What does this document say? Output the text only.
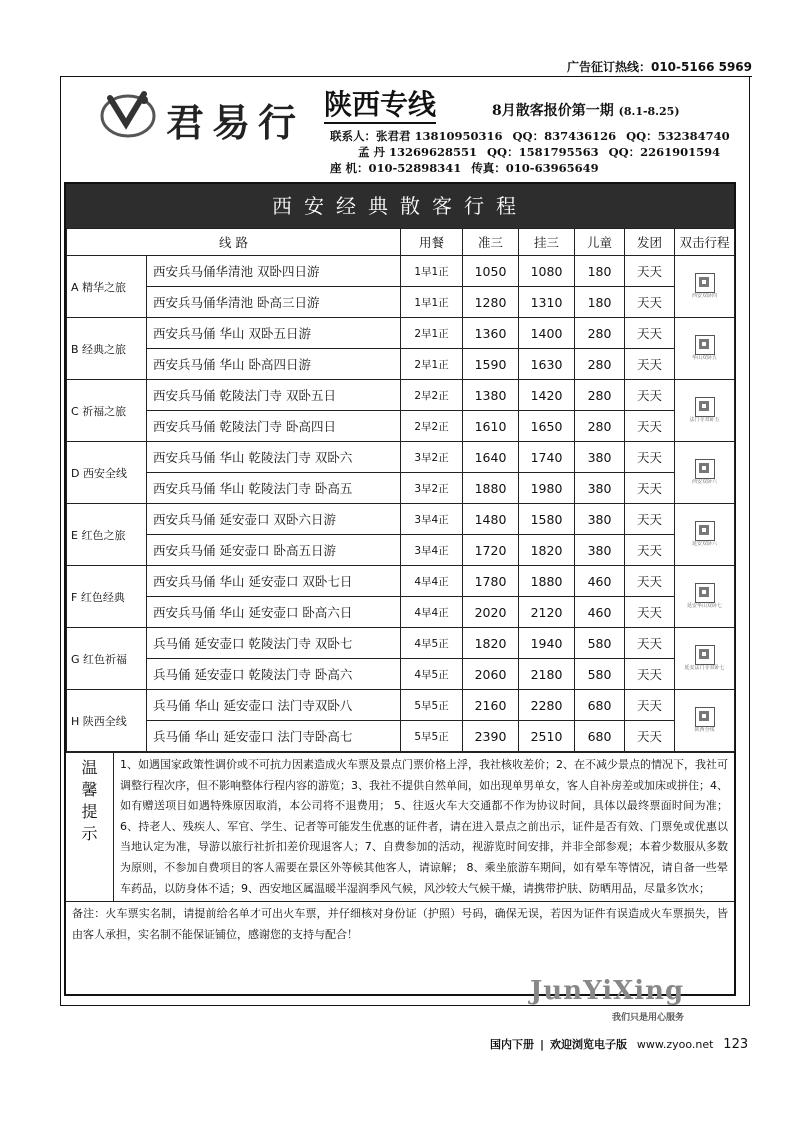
广告征订热线：010-5166 5969
君易行 陕西专线	8月散客报价第一期 (8.1-8.25)
联系人：张君君 13810950316 QQ：837436126 QQ：532384740
孟 丹 13269628551 QQ：1581795563 QQ：2261901594
座 机：010-52898341 传真：010-63965649
西安经典散客行程
线 路		用餐	准三	挂三	儿童	发团	双击行程
A 精华之旅	西安兵马俑华清池 双卧四日游	1早1正	1050	1080	180	天天	西安双卧四

	西安兵马俑华清池 卧高三日游	1早1正	1280	1310	180	天天	
B 经典之旅	西安兵马俑 华山 双卧五日游	2早1正	1360	1400	280	天天	华山双卧五

	西安兵马俑 华山 卧高四日游	2早1正	1590	1630	280	天天	
C 祈福之旅	西安兵马俑 乾陵法门寺 双卧五日	2早2正	1380	1420	280	天天	法门寺双卧五

	西安兵马俑 乾陵法门寺 卧高四日	2早2正	1610	1650	280	天天	
D 西安全线	西安兵马俑 华山 乾陵法门寺 双卧六	3早2正	1640	1740	380	天天	西安双卧六

	西安兵马俑 华山 乾陵法门寺 卧高五	3早2正	1880	1980	380	天天	
E 红色之旅	西安兵马俑 延安壶口 双卧六日游	3早4正	1480	1580	380	天天	延安双卧六

	西安兵马俑 延安壶口 卧高五日游	3早4正	1720	1820	380	天天	
F 红色经典	西安兵马俑 华山 延安壶口 双卧七日	4早4正	1780	1880	460	天天	延安华山双卧七

	西安兵马俑 华山 延安壶口 卧高六日	4早4正	2020	2120	460	天天	
G 红色祈福	兵马俑 延安壶口 乾陵法门寺 双卧七	4早5正	1820	1940	580	天天	延安法门寺双卧七

	兵马俑 延安壶口 乾陵法门寺 卧高六	4早5正	2060	2180	580	天天	
H 陕西全线	兵马俑 华山 延安壶口 法门寺双卧八	5早5正	2160	2280	680	天天	陕西全线

	兵马俑 华山 延安壶口 法门寺卧高七	5早5正	2390	2510	680	天天	
温
馨
提
示
1、如遇国家政策性调价或不可抗力因素造成火车票及景点门票价格上浮，我社核收差价；2、在不减少景点的情况下，我社可调整行程次序，但不影响整体行程内容的游览；3、我社不提供自然单间，如出现单男单女，客人自补房差或加床或拼住；4、如有赠送项目如遇特殊原因取消，本公司将不退费用； 5、往返火车大交通都不作为协议时间，具体以最终票面时间为准；6、持老人、残疾人、军官、学生、记者等可能发生优惠的证件者，请在进入景点之前出示，证件是否有效、门票免或优惠以当地认定为准，导游以旅行社折扣差价现退客人；7、自费参加的活动，视游览时间安排，并非全部参观；本着少数服从多数为原则，不参加自费项目的客人需要在景区外等候其他客人，请谅解； 8、乘坐旅游车期间，如有晕车等情况，请自备一些晕车药品，以防身体不适；9、西安地区属温暖半湿润季风气候，风沙较大气候干燥，请携带护肤、防晒用品，尽量多饮水；
备注：火车票实名制，请提前给名单才可出火车票，并仔细核对身份证（护照）号码，确保无误，若因为证件有误造成火车票损失，皆由客人承担，实名制不能保证铺位，感谢您的支持与配合！
JunYiXing
我们只是用心服务
国内下册 | 欢迎浏览电子版 www.zyoo.net 123
